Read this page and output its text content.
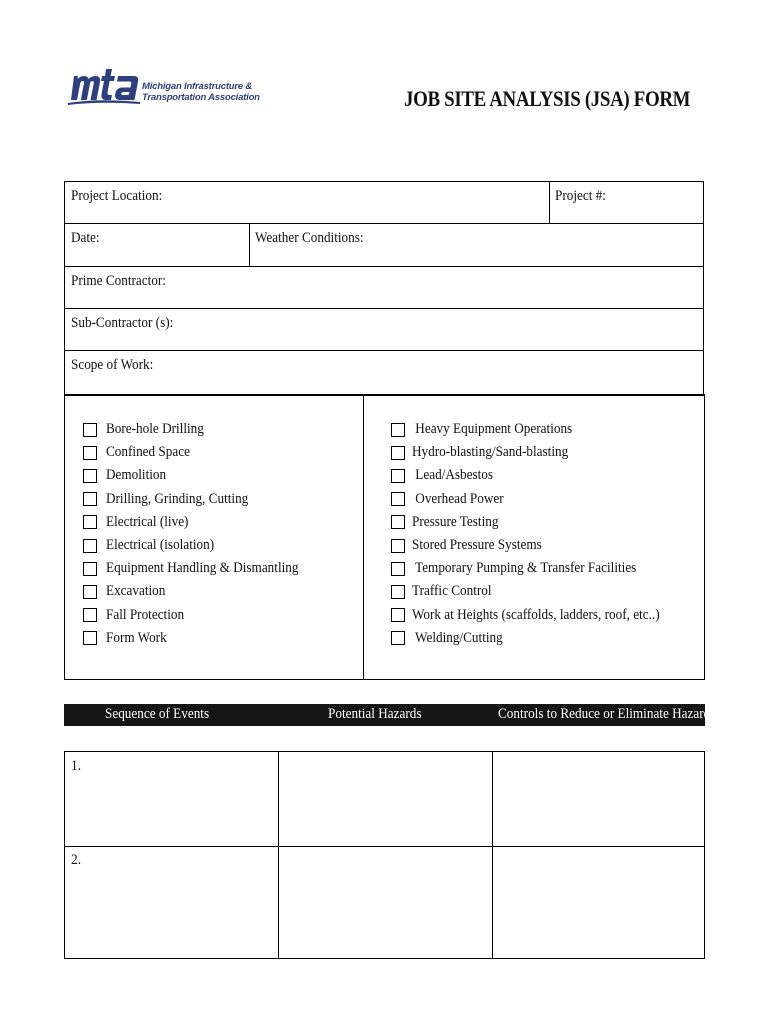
Michigan Infrastructure &
Transportation Association	JOB SITE ANALYSIS (JSA) FORM
Project Location:	Project #:
Date:	Weather Conditions:
Prime Contractor:
Sub-Contractor (s):
Scope of Work:
Bore-hole Drilling
Confined Space
Demolition
Drilling, Grinding, Cutting
Electrical (live)
Electrical (isolation)
Equipment Handling & Dismantling
Excavation
Fall Protection
Form Work
Heavy Equipment Operations
Hydro-blasting/Sand-blasting
Lead/Asbestos
Overhead Power
Pressure Testing
Stored Pressure Systems
Temporary Pumping & Transfer Facilities
Traffic Control
Work at Heights (scaffolds, ladders, roof, etc..)
Welding/Cutting
Sequence of Events	Potential Hazards	Controls to Reduce or Eliminate Hazards
1.
2.
